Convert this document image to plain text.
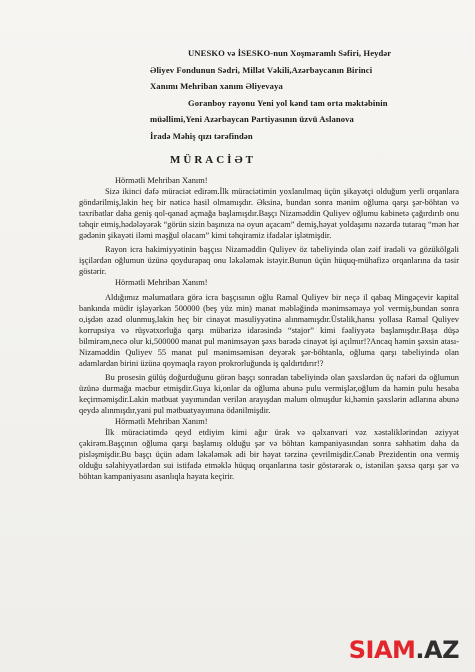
UNESKO və İSESKO-nun Xoşməramlı Səfiri, Heydər

Əliyev Fondunun Sədri, Millət Vəkili,Azərbaycanın Birinci

Xanımı Mehriban xanım Əliyevaya

Goranboy rayonu Yeni yol kənd tam orta məktəbinin

müəllimi,Yeni Azərbaycan Partiyasının üzvü Aslanova

İradə Məhiş qızı tərəfindən

MÜRACİƏT

Hörmətli Mehriban Xanım!

Sizə ikinci dəfə müraciət edirəm.İlk müraciətimin yoxlanılmaq üçün şikayətçi olduğum yerli orqanlara göndərilmiş,lakin heç bir nəticə hasil olmamışdır. Əksinə, bundan sonra mənim oğluma qarşı şər-böhtan və təxribatlar daha geniş qol-qanad açmağa başlamışdır.Başçı Nizaməddin Quliyev oğlumu kabinetə çağırdırıb onu təhqir etmiş,hədələyərək “görün sizin başınıza nə oyun açacam” demiş,həyat yoldaşımı nəzərdə tutaraq “mən hər gədənin şikayəti iləmi məşğul olacam” kimi təhqiramiz ifadələr işlətmişdir.

Rayon icra hakimiyyətinin başçısı Nizaməddin Quliyev öz tabeliyində olan zəif iradəli və gözükölgəli işçilərdən oğlumun üzünə qoydurараq onu ləkələmək istəyir.Bunun üçün hüquq-mühafizə orqanlarına da təsir göstərir.

Hörmətli Mehriban Xanım!

Aldığımız məlumatlara görə icra başçısının oğlu Ramal Quliyev bir neçə il qabaq Mingəçevir kapital bankında müdir işləyərkən 500000 (beş yüz min) manat məbləğində mənimsəməyə yol vermiş,bundan sonra o,işdən azad olunmuş,lakin heç bir cinayət məsuliyyətinə alınmamışdır.Üstəlik,hansı yollasa Ramal Quliyev korrupsiya və rüşvətxorluğa qarşı mübarizə idarəsində “stajor” kimi fəaliyyətə başlamışdır.Başa düşə bilmirəm,necə olur ki,500000 manat pul mənimsəyən şəxs barədə cinayət işi açılmır!?Ancaq həmin şəxsin atası-Nizaməddin Quliyev 55 manat pul mənimsəmisən deyərək şər-böhtanla, oğluma qarşı tabeliyində olan adamlardan birini üzünə qoymaqla rayon prokrorluğunda iş qaldırtdırır!?

Bu prosesin gülüş doğurduğunu görən başçı sonradan tabeliyində olan şəxslərdən üç nəfəri də oğlumun üzünə durmağa məcbur etmişdir.Guya ki,onlar da oğluma abunə pulu vermişlər,oğlum da həmin pulu hesaba keçirməmişdir.Lakin mətbuat yayımından verilən arayışdan məlum olmuşdur ki,həmin şəxslərin adlarına abunə qeydə alınmışdır,yani pul mətbuatyayımına ödənilmişdir.

Hörmətli Mehriban Xanım!

İlk müraciətimdə qeyd etdiyim kimi ağır ürək və qəlxanvari vəz xəstəliklərindən əziyyət çəkirəm.Başçının oğluma qarşı başlamış olduğu şər və böhtan kampaniyasından sonra səhhətim daha da pisləşmişdir.Bu başçı üçün adam ləkələmək adi bir həyat tərzinə çevrilmişdir.Cənab Prezidentin ona vermiş olduğu səlahiyyətlərdən sui istifadə etməklə hüquq orqanlarına təsir göstərərək o, istənilən şəxsə qarşı şər və böhtan kampaniyasını asanlıqla həyata keçirir.

SIAM .AZ
